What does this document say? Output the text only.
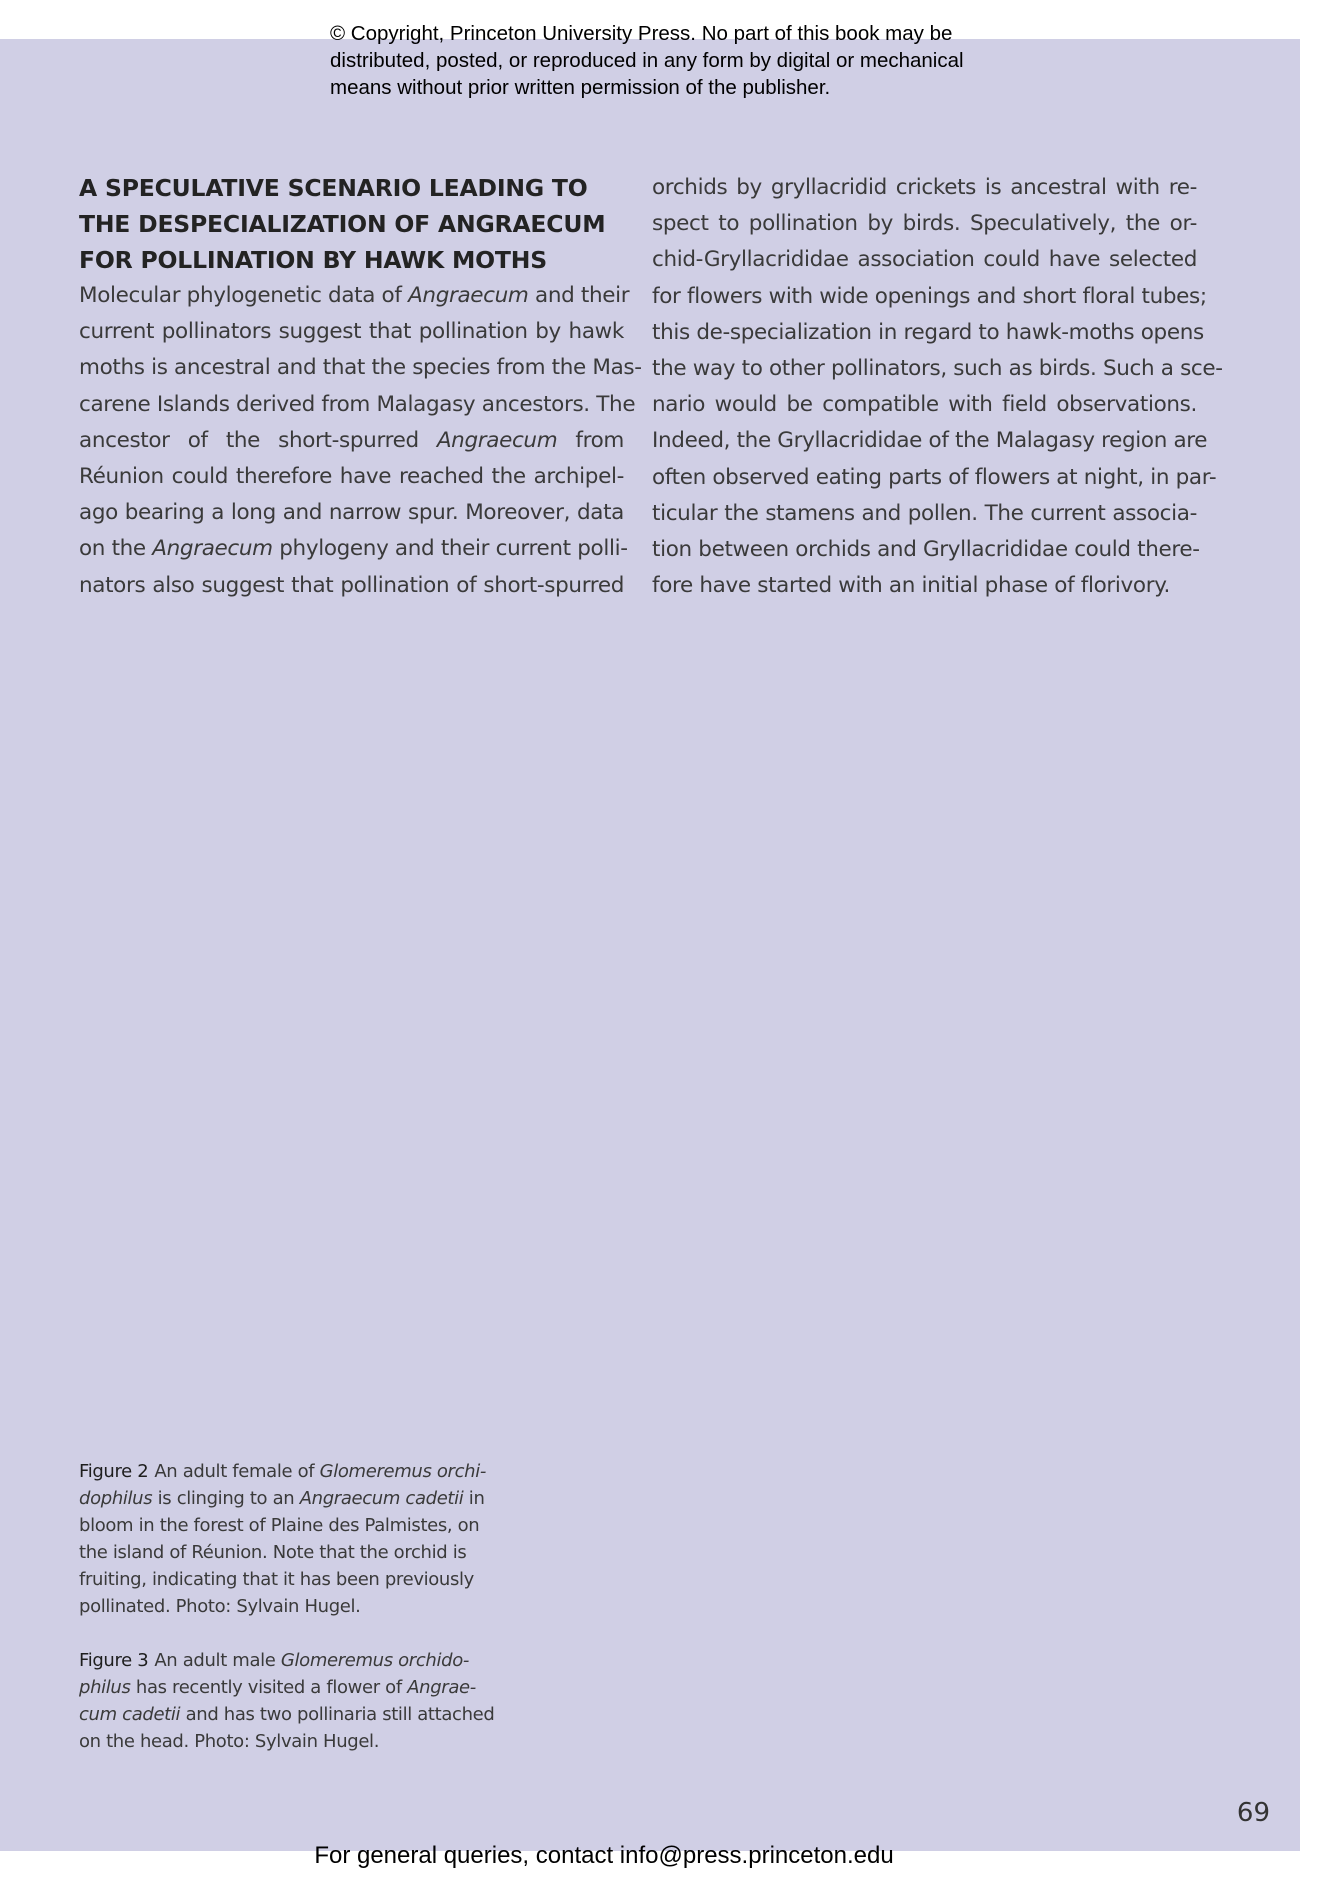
© Copyright, Princeton University Press. No part of this book may be
distributed, posted, or reproduced in any form by digital or mechanical
means without prior written permission of the publisher.
A SPECULATIVE SCENARIO LEADING TO
THE DESPECIALIZATION OF ANGRAECUM
FOR POLLINATION BY HAWK MOTHS
Molecular phylogenetic data of Angraecum and their
current pollinators suggest that pollination by hawk
moths is ancestral and that the species from the Mas-
carene Islands derived from Malagasy ancestors. The
ancestor of the short-spurred Angraecum from
Réunion could therefore have reached the archipel-
ago bearing a long and narrow spur. Moreover, data
on the Angraecum phylogeny and their current polli-
nators also suggest that pollination of short-spurred
orchids by gryllacridid crickets is ancestral with re-
spect to pollination by birds. Speculatively, the or-
chid-Gryllacrididae association could have selected
for flowers with wide openings and short floral tubes;
this de-specialization in regard to hawk-moths opens
the way to other pollinators, such as birds. Such a sce-
nario would be compatible with field observations.
Indeed, the Gryllacrididae of the Malagasy region are
often observed eating parts of flowers at night, in par-
ticular the stamens and pollen. The current associa-
tion between orchids and Gryllacrididae could there-
fore have started with an initial phase of florivory.
Figure 2 An adult female of Glomeremus orchi-
dophilus is clinging to an Angraecum cadetii in
bloom in the forest of Plaine des Palmistes, on
the island of Réunion. Note that the orchid is
fruiting, indicating that it has been previously
pollinated. Photo: Sylvain Hugel.
Figure 3 An adult male Glomeremus orchido-
philus has recently visited a flower of Angrae-
cum cadetii and has two pollinaria still attached
on the head. Photo: Sylvain Hugel.
69
For general queries, contact info@press.princeton.edu
